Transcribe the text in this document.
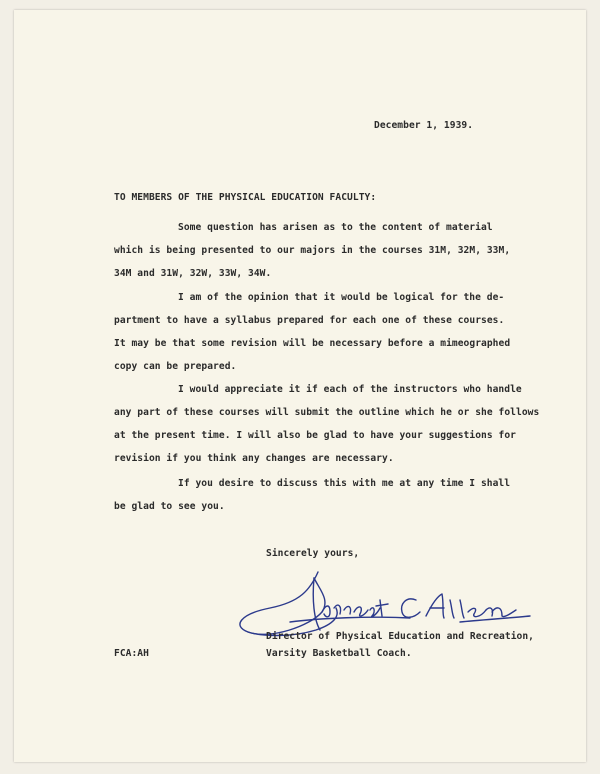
December 1, 1939.
TO MEMBERS OF THE PHYSICAL EDUCATION FACULTY:
Some question has arisen as to the content of material
which is being presented to our majors in the courses 31M, 32M, 33M,
34M and 31W, 32W, 33W, 34W.
I am of the opinion that it would be logical for the de-
partment to have a syllabus prepared for each one of these courses.
It may be that some revision will be necessary before a mimeographed
copy can be prepared.
I would appreciate it if each of the instructors who handle
any part of these courses will submit the outline which he or she follows
at the present time. I will also be glad to have your suggestions for
revision if you think any changes are necessary.
If you desire to discuss this with me at any time I shall
be glad to see you.
Sincerely yours,
Director of Physical Education and Recreation,
Varsity Basketball Coach.
FCA:AH
